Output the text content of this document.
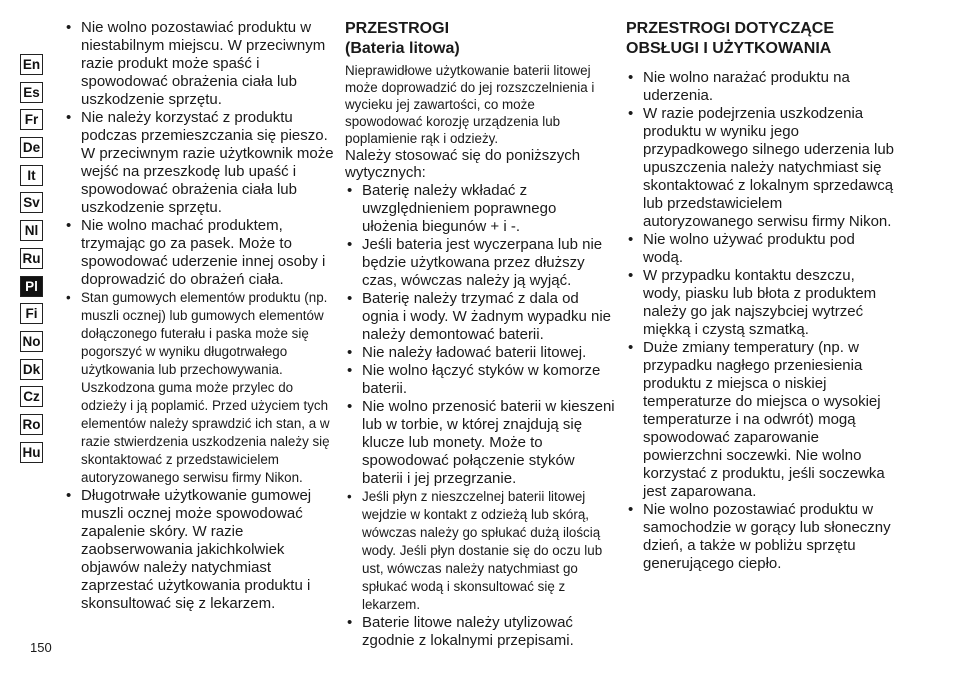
En
Es
Fr
De
It
Sv
Nl
Ru
Pl
Fi
No
Dk
Cz
Ro
Hu
150
• Nie wolno pozostawiać produktu w niestabilnym miejscu. W przeciwnym razie produkt może spaść i spowodować obrażenia ciała lub uszkodzenie sprzętu.
• Nie należy korzystać z produktu podczas przemieszczania się pieszo. W przeciwnym razie użytkownik może wejść na przeszkodę lub upaść i spowodować obrażenia ciała lub uszkodzenie sprzętu.
• Nie wolno machać produktem, trzymając go za pasek. Może to spowodować uderzenie innej osoby i doprowadzić do obrażeń ciała.
• Stan gumowych elementów produktu (np. muszli ocznej) lub gumowych elementów dołączonego futerału i paska może się pogorszyć w wyniku długotrwałego użytkowania lub przechowywania. Uszkodzona guma może przylec do odzieży i ją poplamić. Przed użyciem tych elementów należy sprawdzić ich stan, a w razie stwierdzenia uszkodzenia należy się skontaktować z przedstawicielem autoryzowanego serwisu firmy Nikon.
• Długotrwałe użytkowanie gumowej muszli ocznej może spowodować zapalenie skóry. W razie zaobserwowania jakichkolwiek objawów należy natychmiast zaprzestać użytkowania produktu i skonsultować się z lekarzem.
PRZESTROGI
(Bateria litowa)

Nieprawidłowe użytkowanie baterii litowej może doprowadzić do jej rozszczelnienia i wycieku jej zawartości, co może spowodować korozję urządzenia lub poplamienie rąk i odzieży.

Należy stosować się do poniższych wytycznych:

• Baterię należy wkładać z uwzględnieniem poprawnego ułożenia biegunów + i -.
• Jeśli bateria jest wyczerpana lub nie będzie użytkowana przez dłuższy czas, wówczas należy ją wyjąć.
• Baterię należy trzymać z dala od ognia i wody. W żadnym wypadku nie należy demontować baterii.
• Nie należy ładować baterii litowej.
• Nie wolno łączyć styków w komorze baterii.
• Nie wolno przenosić baterii w kieszeni lub w torbie, w której znajdują się klucze lub monety. Może to spowodować połączenie styków baterii i jej przegrzanie.
• Jeśli płyn z nieszczelnej baterii litowej wejdzie w kontakt z odzieżą lub skórą, wówczas należy go spłukać dużą ilością wody. Jeśli płyn dostanie się do oczu lub ust, wówczas należy natychmiast go spłukać wodą i skonsultować się z lekarzem.
• Baterie litowe należy utylizować zgodnie z lokalnymi przepisami.
PRZESTROGI DOTYCZĄCE
OBSŁUGI I UŻYTKOWANIA
• Nie wolno narażać produktu na uderzenia.
• W razie podejrzenia uszkodzenia produktu w wyniku jego przypadkowego silnego uderzenia lub upuszczenia należy natychmiast się skontaktować z lokalnym sprzedawcą lub przedstawicielem autoryzowanego serwisu firmy Nikon.
• Nie wolno używać produktu pod wodą.
• W przypadku kontaktu deszczu, wody, piasku lub błota z produktem należy go jak najszybciej wytrzeć miękką i czystą szmatką.
• Duże zmiany temperatury (np. w przypadku nagłego przeniesienia produktu z miejsca o niskiej temperaturze do miejsca o wysokiej temperaturze i na odwrót) mogą spowodować zaparowanie powierzchni soczewki. Nie wolno korzystać z produktu, jeśli soczewka jest zaparowana.
• Nie wolno pozostawiać produktu w samochodzie w gorący lub słoneczny dzień, a także w pobliżu sprzętu generującego ciepło.
